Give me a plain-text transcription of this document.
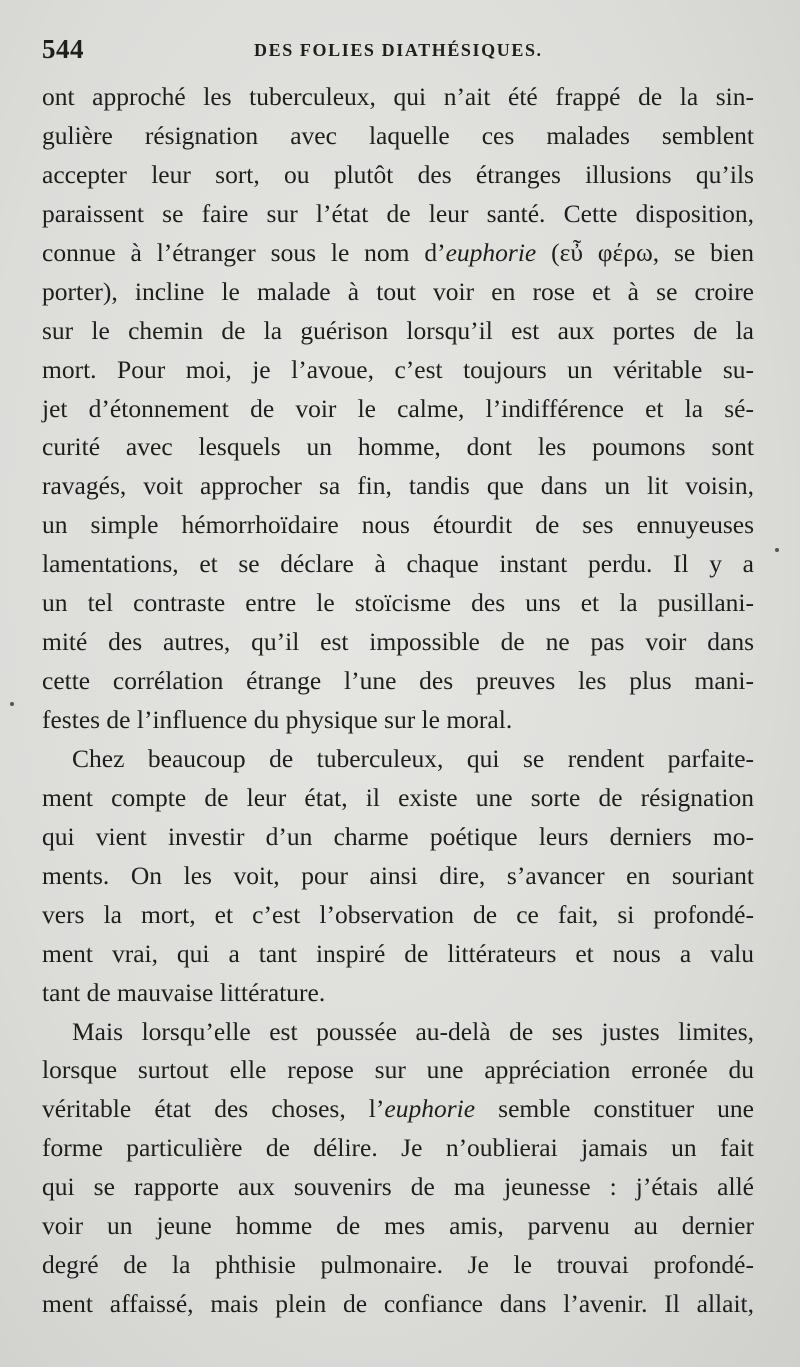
544	DES FOLIES DIATHÉSIQUES.

ont approché les tuberculeux, qui n’ait été frappé de la sin-
gulière résignation avec laquelle ces malades semblent
accepter leur sort, ou plutôt des étranges illusions qu’ils
paraissent se faire sur l’état de leur santé. Cette disposition,
connue à l’étranger sous le nom d’euphorie (εὖ φέρω, se bien
porter), incline le malade à tout voir en rose et à se croire
sur le chemin de la guérison lorsqu’il est aux portes de la
mort. Pour moi, je l’avoue, c’est toujours un véritable su-
jet d’étonnement de voir le calme, l’indifférence et la sé-
curité avec lesquels un homme, dont les poumons sont
ravagés, voit approcher sa fin, tandis que dans un lit voisin,
un simple hémorrhoïdaire nous étourdit de ses ennuyeuses
lamentations, et se déclare à chaque instant perdu. Il y a
un tel contraste entre le stoïcisme des uns et la pusillani-
mité des autres, qu’il est impossible de ne pas voir dans
cette corrélation étrange l’une des preuves les plus mani-
festes de l’influence du physique sur le moral.

Chez beaucoup de tuberculeux, qui se rendent parfaite-
ment compte de leur état, il existe une sorte de résignation
qui vient investir d’un charme poétique leurs derniers mo-
ments. On les voit, pour ainsi dire, s’avancer en souriant
vers la mort, et c’est l’observation de ce fait, si profondé-
ment vrai, qui a tant inspiré de littérateurs et nous a valu
tant de mauvaise littérature.

Mais lorsqu’elle est poussée au-delà de ses justes limites,
lorsque surtout elle repose sur une appréciation erronée du
véritable état des choses, l’euphorie semble constituer une
forme particulière de délire. Je n’oublierai jamais un fait
qui se rapporte aux souvenirs de ma jeunesse : j’étais allé
voir un jeune homme de mes amis, parvenu au dernier
degré de la phthisie pulmonaire. Je le trouvai profondé-
ment affaissé, mais plein de confiance dans l’avenir. Il allait,
